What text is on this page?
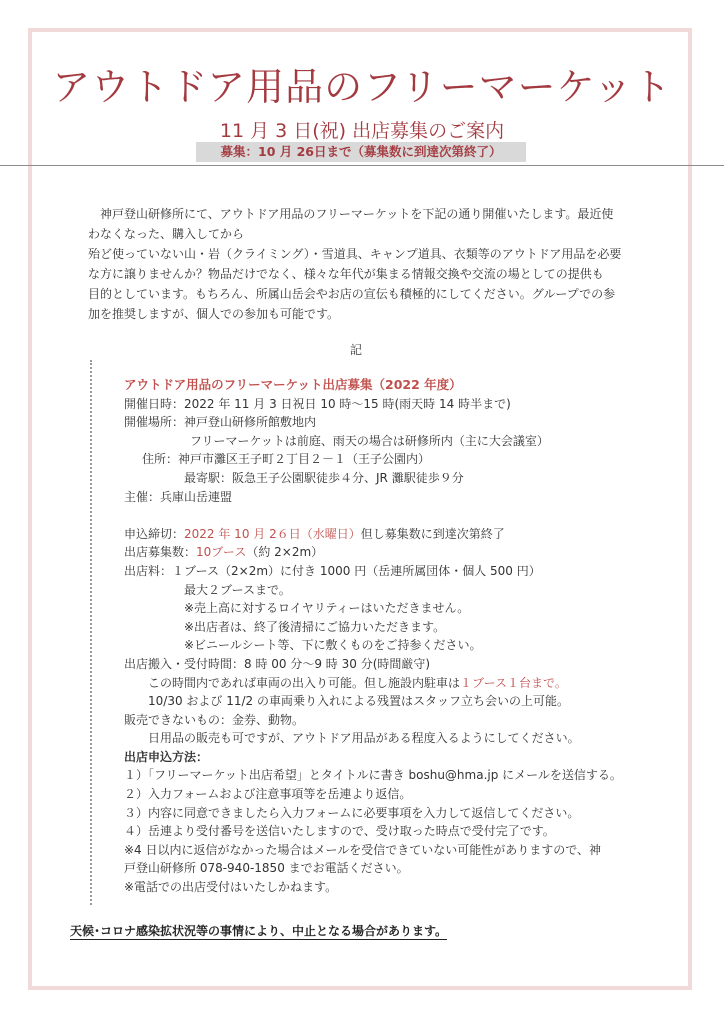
アウトドア用品のフリーマーケット
11 月 3 日(祝) 出店募集のご案内
募集：10 月 26日まで（募集数に到達次第終了）

神戸登山研修所にて、アウトドア用品のフリーマーケットを下記の通り開催いたします。最近使

わなくなった、購入してから

殆ど使っていない山・岩（クライミング）・雪道具、キャンプ道具、衣類等のアウトドア用品を必要

な方に譲りませんか？物品だけでなく、様々な年代が集まる情報交換や交流の場としての提供も

目的としています。もちろん、所属山岳会やお店の宣伝も積極的にしてください。グループでの参

加を推奨しますが、個人での参加も可能です。

記
アウトドア用品のフリーマーケット出店募集（2022 年度）
開催日時：2022 年 11 月 3 日祝日 10 時～15 時(雨天時 14 時半まで)
開催場所：神戸登山研修所館敷地内
フリーマーケットは前庭、雨天の場合は研修所内（主に大会議室）
住所：神戸市灘区王子町２丁目２－１（王子公園内）
最寄駅：阪急王子公園駅徒歩４分、JR 灘駅徒歩９分
主催：兵庫山岳連盟
申込締切：2022 年 10 月 2６日（水曜日）但し募集数に到達次第終了
出店募集数：10ブース（約 2×2m）
出店料：１ブース（2×2m）に付き 1000 円（岳連所属団体・個人 500 円）
最大２ブースまで。
※売上高に対するロイヤリティーはいただきません。
※出店者は、終了後清掃にご協力いただきます。
※ビニールシート等、下に敷くものをご持参ください。
出店搬入・受付時間：8 時 00 分～9 時 30 分(時間厳守)
この時間内であれば車両の出入り可能。但し施設内駐車は１ブース１台まで。
10/30 および 11/2 の車両乗り入れによる残置はスタッフ立ち会いの上可能。
販売できないもの：金券、動物。
日用品の販売も可ですが、アウトドア用品がある程度入るようにしてください。
出店申込方法：
１）「フリーマーケット出店希望」とタイトルに書き boshu@hma.jp にメールを送信する。
２）入力フォームおよび注意事項等を岳連より返信。
３）内容に同意できましたら入力フォームに必要事項を入力して返信してください。
４）岳連より受付番号を送信いたしますので、受け取った時点で受付完了です。
※4 日以内に返信がなかった場合はメールを受信できていない可能性がありますので、神
戸登山研修所 078-940-1850 までお電話ください。
※電話での出店受付はいたしかねます。
天候･コロナ感染拡状況等の事情により、中止となる場合があります。
